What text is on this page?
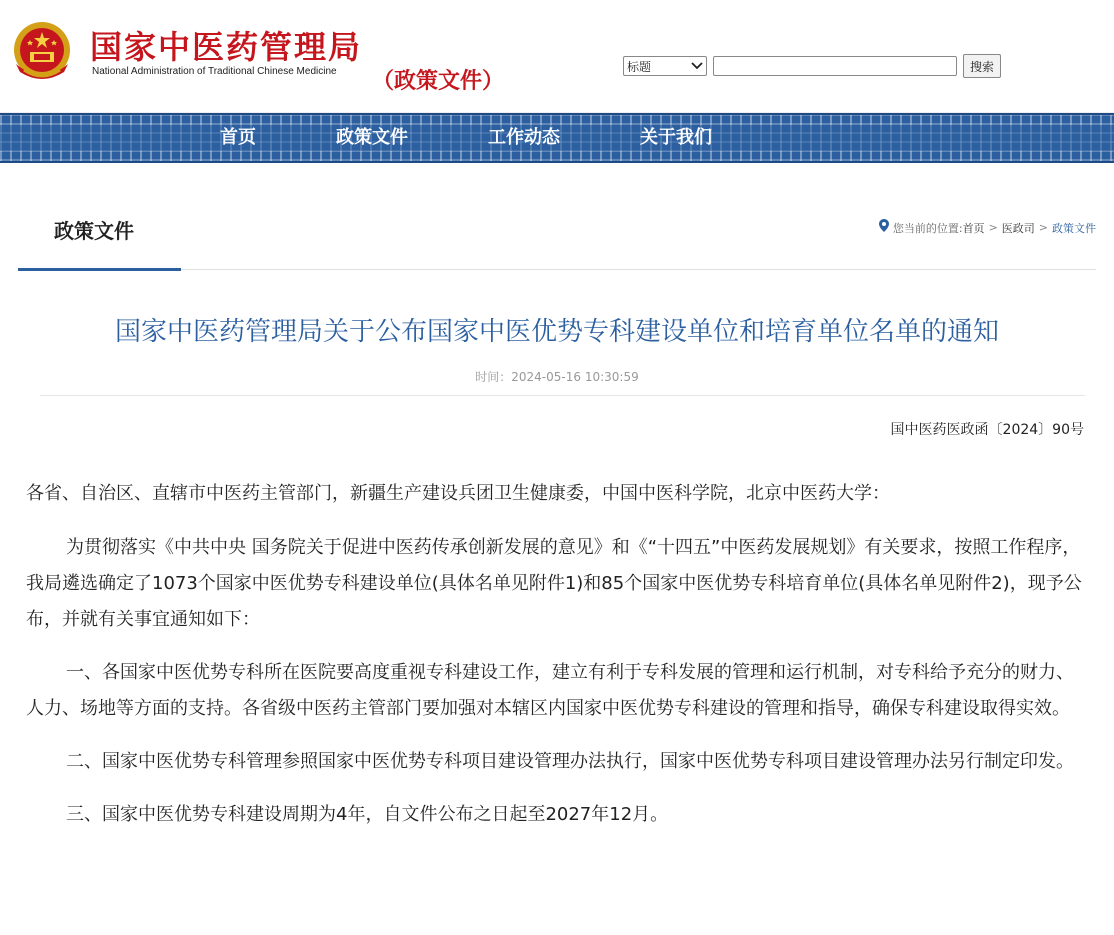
国家中医药管理局
National Administration of Traditional Chinese Medicine （政策文件）
标题	搜索
首页	政策文件	工作动态	关于我们
政策文件	您当前的位置: 首页 > 医政司 > 政策文件
国家中医药管理局关于公布国家中医优势专科建设单位和培育单位名单的通知
时间：2024-05-16 10:30:59
国中医药医政函〔2024〕90号

各省、自治区、直辖市中医药主管部门，新疆生产建设兵团卫生健康委，中国中医科学院，北京中医药大学：

为贯彻落实《中共中央 国务院关于促进中医药传承创新发展的意见》和《“十四五”中医药发展规划》有关要求，按照工作程序，我局遴选确定了1073个国家中医优势专科建设单位(具体名单见附件1)和85个国家中医优势专科培育单位(具体名单见附件2)，现予公布，并就有关事宜通知如下：

一、各国家中医优势专科所在医院要高度重视专科建设工作，建立有利于专科发展的管理和运行机制，对专科给予充分的财力、人力、场地等方面的支持。各省级中医药主管部门要加强对本辖区内国家中医优势专科建设的管理和指导，确保专科建设取得实效。

二、国家中医优势专科管理参照国家中医优势专科项目建设管理办法执行，国家中医优势专科项目建设管理办法另行制定印发。

三、国家中医优势专科建设周期为4年，自文件公布之日起至2027年12月。
